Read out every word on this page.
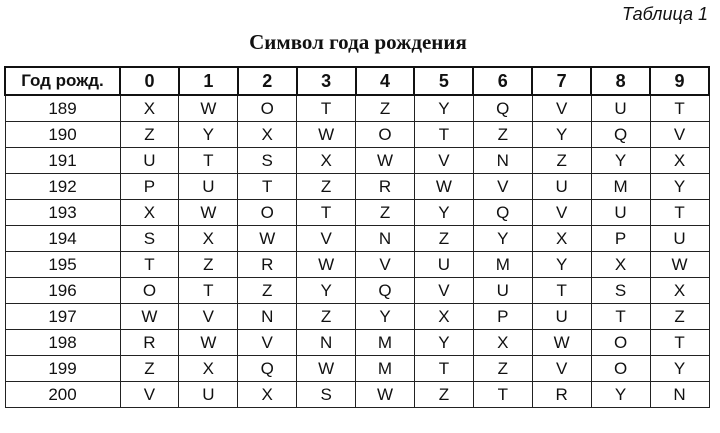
Таблица 1
Символ года рождения
Год рожд.	0	1	2	3	4	5	6	7	8	9
189	X	W	O	T	Z	Y	Q	V	U	T
190	Z	Y	X	W	O	T	Z	Y	Q	V
191	U	T	S	X	W	V	N	Z	Y	X
192	P	U	T	Z	R	W	V	U	M	Y
193	X	W	O	T	Z	Y	Q	V	U	T
194	S	X	W	V	N	Z	Y	X	P	U
195	T	Z	R	W	V	U	M	Y	X	W
196	O	T	Z	Y	Q	V	U	T	S	X
197	W	V	N	Z	Y	X	P	U	T	Z
198	R	W	V	N	M	Y	X	W	O	T
199	Z	X	Q	W	M	T	Z	V	O	Y
200	V	U	X	S	W	Z	T	R	Y	N
